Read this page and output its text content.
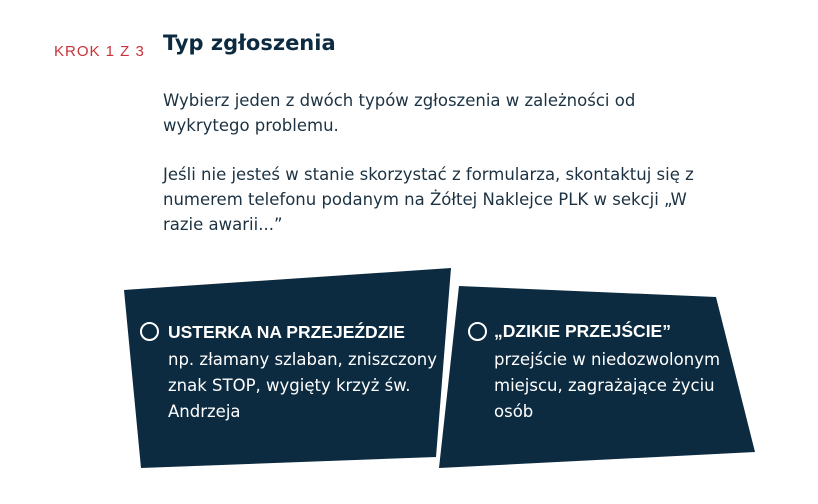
KROK 1 Z 3 Typ zgłoszenia

Wybierz jeden z dwóch typów zgłoszenia w zależności od wykrytego problemu.

Jeśli nie jesteś w stanie skorzystać z formularza, skontaktuj się z numerem telefonu podanym na Żółtej Naklejce PLK w sekcji „W razie awarii...”

USTERKA NA PRZEJEŹDZIE

np. złamany szlaban, zniszczony znak STOP, wygięty krzyż św. Andrzeja

„DZIKIE PRZEJŚCIE”

przejście w niedozwolonym miejscu, zagrażające życiu osób
